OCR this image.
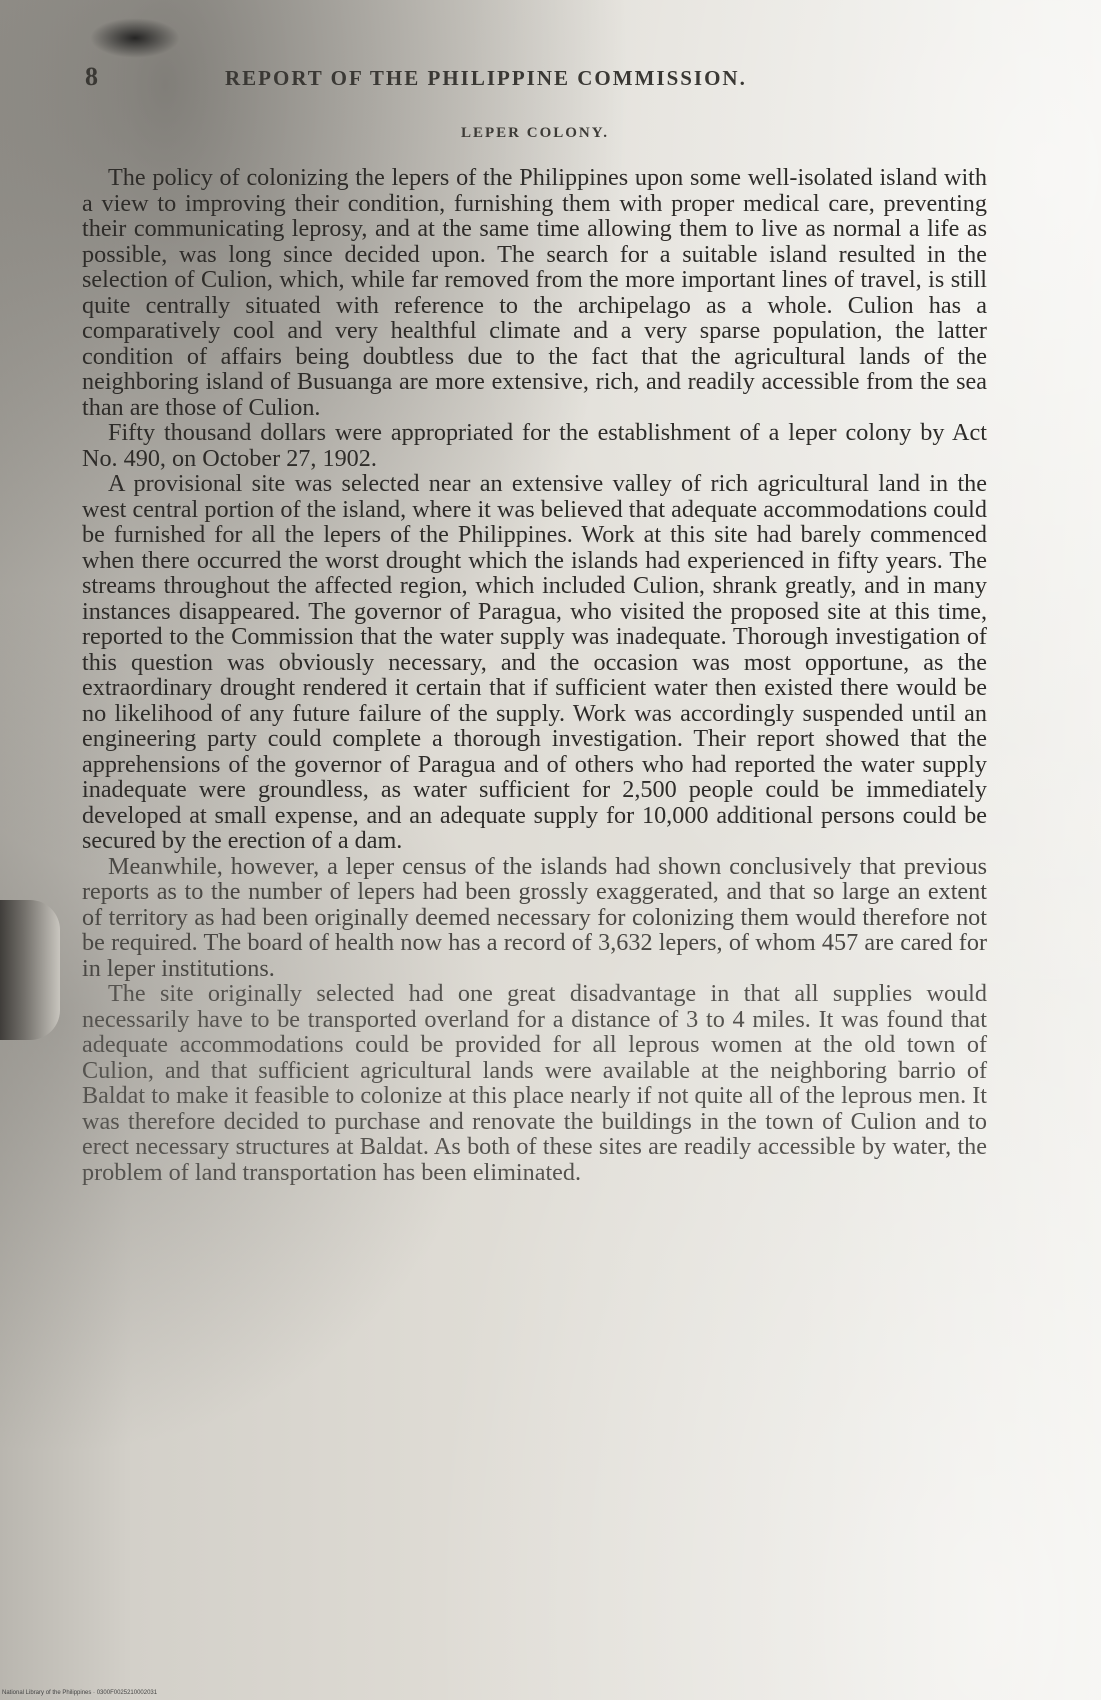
8	REPORT OF THE PHILIPPINE COMMISSION.
LEPER COLONY.

The policy of colonizing the lepers of the Philippines upon some well-isolated island with a view to improving their condition, furnishing them with proper medical care, preventing their communicating leprosy, and at the same time allowing them to live as normal a life as possible, was long since decided upon. The search for a suitable island resulted in the selection of Culion, which, while far removed from the more important lines of travel, is still quite centrally situated with reference to the archipelago as a whole. Culion has a comparatively cool and very healthful climate and a very sparse population, the latter condition of affairs being doubtless due to the fact that the agricultural lands of the neighboring island of Busuanga are more extensive, rich, and readily accessible from the sea than are those of Culion.

Fifty thousand dollars were appropriated for the establishment of a leper colony by Act No. 490, on October 27, 1902.

A provisional site was selected near an extensive valley of rich agricultural land in the west central portion of the island, where it was believed that adequate accommodations could be furnished for all the lepers of the Philippines. Work at this site had barely commenced when there occurred the worst drought which the islands had experienced in fifty years. The streams throughout the affected region, which included Culion, shrank greatly, and in many instances disappeared. The governor of Paragua, who visited the proposed site at this time, reported to the Commission that the water supply was inadequate. Thorough investigation of this question was obviously necessary, and the occasion was most opportune, as the extraordinary drought rendered it certain that if sufficient water then existed there would be no likelihood of any future failure of the supply. Work was accordingly suspended until an engineering party could complete a thorough investigation. Their report showed that the apprehensions of the governor of Paragua and of others who had reported the water supply inadequate were groundless, as water sufficient for 2,500 people could be immediately developed at small expense, and an adequate supply for 10,000 additional persons could be secured by the erection of a dam.

Meanwhile, however, a leper census of the islands had shown conclusively that previous reports as to the number of lepers had been grossly exaggerated, and that so large an extent of territory as had been originally deemed necessary for colonizing them would therefore not be required. The board of health now has a record of 3,632 lepers, of whom 457 are cared for in leper institutions.

The site originally selected had one great disadvantage in that all supplies would necessarily have to be transported overland for a distance of 3 to 4 miles. It was found that adequate accommodations could be provided for all leprous women at the old town of Culion, and that sufficient agricultural lands were available at the neighboring barrio of Baldat to make it feasible to colonize at this place nearly if not quite all of the leprous men. It was therefore decided to purchase and renovate the buildings in the town of Culion and to erect necessary structures at Baldat. As both of these sites are readily accessible by water, the problem of land transportation has been eliminated.

National Library of the Philippines · 0300F0025210002031
